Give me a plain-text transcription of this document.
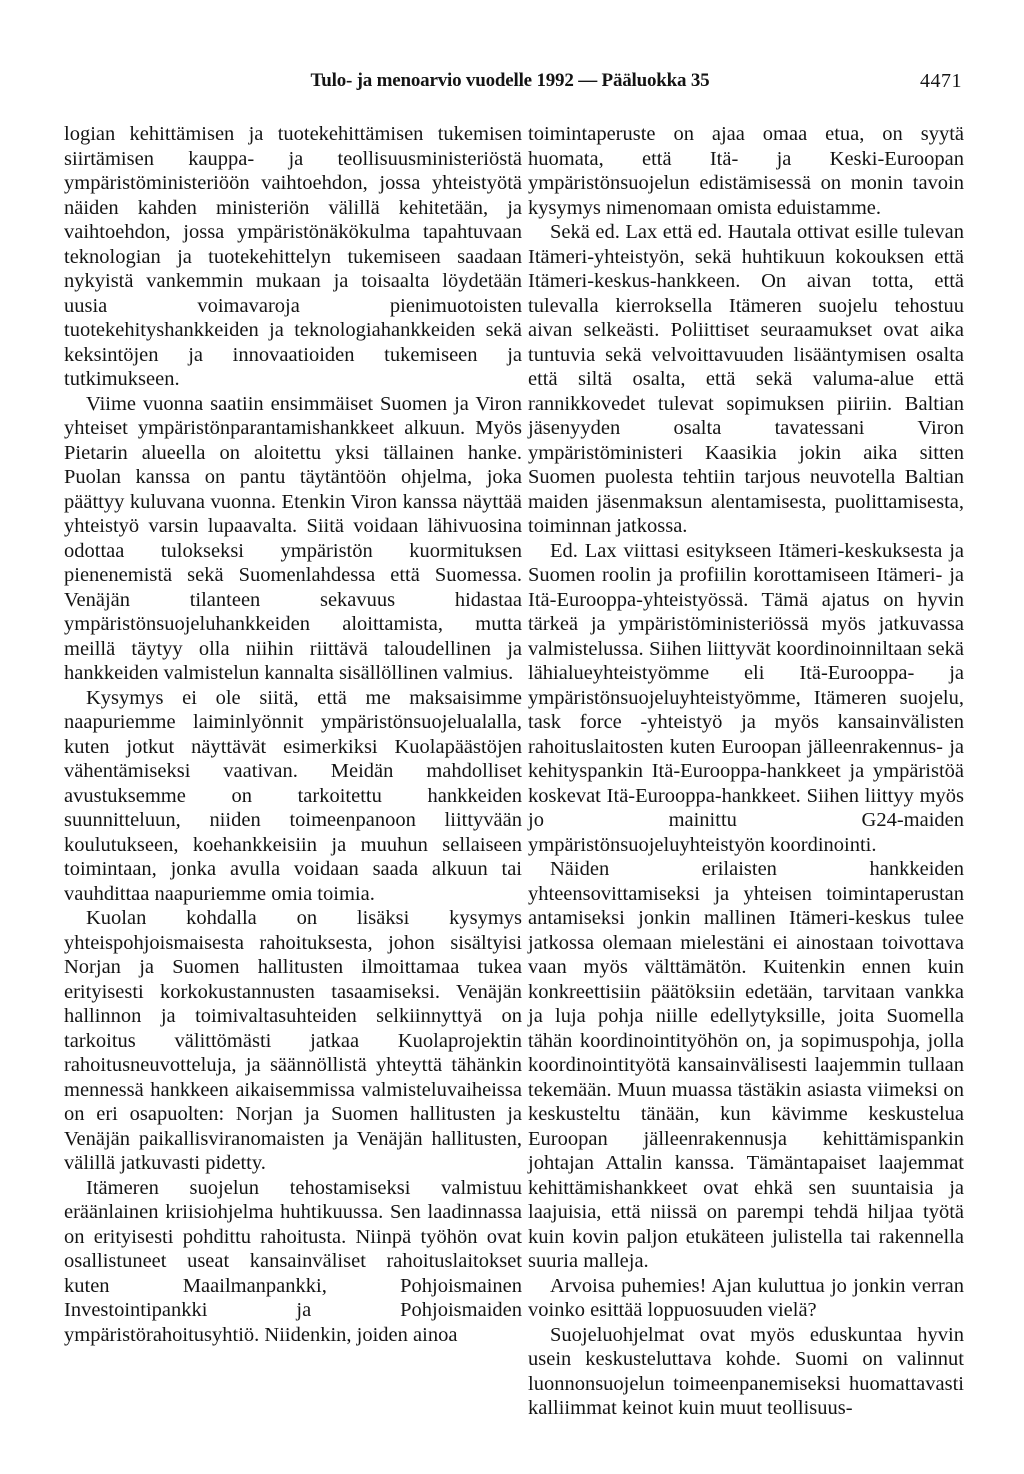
Tulo- ja menoarvio vuodelle 1992 — Pääluokka 35	4471

logian kehittämisen ja tuotekehittämisen tukemisen siirtämisen kauppa- ja teollisuusministeriöstä ympäristöministeriöön vaihtoehdon, jossa yhteistyötä näiden kahden ministeriön välillä kehitetään, ja vaihtoehdon, jossa ympäristönäkökulma tapahtuvaan teknologian ja tuotekehittelyn tukemiseen saadaan nykyistä vankemmin mukaan ja toisaalta löydetään uusia voimavaroja pienimuotoisten tuotekehityshankkeiden ja teknologiahankkeiden sekä keksintöjen ja innovaatioiden tukemiseen ja tutkimukseen.

Viime vuonna saatiin ensimmäiset Suomen ja Viron yhteiset ympäristönparantamishankkeet alkuun. Myös Pietarin alueella on aloitettu yksi tällainen hanke. Puolan kanssa on pantu täytäntöön ohjelma, joka päättyy kuluvana vuonna. Etenkin Viron kanssa näyttää yhteistyö varsin lupaavalta. Siitä voidaan lähivuosina odottaa tulokseksi ympäristön kuormituksen pienenemistä sekä Suomenlahdessa että Suomessa. Venäjän tilanteen sekavuus hidastaa ympäristönsuojeluhankkeiden aloittamista, mutta meillä täytyy olla niihin riittävä taloudellinen ja hankkeiden valmistelun kannalta sisällöllinen valmius.

Kysymys ei ole siitä, että me maksaisimme naapuriemme laiminlyönnit ympäristönsuojelualalla, kuten jotkut näyttävät esimerkiksi Kuolapäästöjen vähentämiseksi vaativan. Meidän mahdolliset avustuksemme on tarkoitettu hankkeiden suunnitteluun, niiden toimeenpanoon liittyvään koulutukseen, koehankkeisiin ja muuhun sellaiseen toimintaan, jonka avulla voidaan saada alkuun tai vauhdittaa naapuriemme omia toimia.

Kuolan kohdalla on lisäksi kysymys yhteispohjoismaisesta rahoituksesta, johon sisältyisi Norjan ja Suomen hallitusten ilmoittamaa tukea erityisesti korkokustannusten tasaamiseksi. Venäjän hallinnon ja toimivaltasuhteiden selkiinnyttyä on tarkoitus välittömästi jatkaa Kuolaprojektin rahoitusneuvotteluja, ja säännöllistä yhteyttä tähänkin mennessä hankkeen aikaisemmissa valmisteluvaiheissa on eri osapuolten: Norjan ja Suomen hallitusten ja Venäjän paikallisviranomaisten ja Venäjän hallitusten, välillä jatkuvasti pidetty.

Itämeren suojelun tehostamiseksi valmistuu eräänlainen kriisiohjelma huhtikuussa. Sen laadinnassa on erityisesti pohdittu rahoitusta. Niinpä työhön ovat osallistuneet useat kansainväliset rahoituslaitokset kuten Maailmanpankki, Pohjoismainen Investointipankki ja Pohjoismaiden ympäristörahoitusyhtiö. Niidenkin, joiden ainoa

toimintaperuste on ajaa omaa etua, on syytä huomata, että Itä- ja Keski-Euroopan ympäristönsuojelun edistämisessä on monin tavoin kysymys nimenomaan omista eduistamme.

Sekä ed. Lax että ed. Hautala ottivat esille tulevan Itämeri-yhteistyön, sekä huhtikuun kokouksen että Itämeri-keskus-hankkeen. On aivan totta, että tulevalla kierroksella Itämeren suojelu tehostuu aivan selkeästi. Poliittiset seuraamukset ovat aika tuntuvia sekä velvoittavuuden lisääntymisen osalta että siltä osalta, että sekä valuma-alue että rannikkovedet tulevat sopimuksen piiriin. Baltian jäsenyyden osalta tavatessani Viron ympäristöministeri Kaasikia jokin aika sitten Suomen puolesta tehtiin tarjous neuvotella Baltian maiden jäsenmaksun alentamisesta, puolittamisesta, toiminnan jatkossa.

Ed. Lax viittasi esitykseen Itämeri-keskuksesta ja Suomen roolin ja profiilin korottamiseen Itämeri- ja Itä-Eurooppa-yhteistyössä. Tämä ajatus on hyvin tärkeä ja ympäristöministeriössä myös jatkuvassa valmistelussa. Siihen liittyvät koordinoinniltaan sekä lähialueyhteistyömme eli Itä-Eurooppa- ja ympäristönsuojeluyhteistyömme, Itämeren suojelu, task force -yhteistyö ja myös kansainvälisten rahoituslaitosten kuten Euroopan jälleenrakennus- ja kehityspankin Itä-Eurooppa-hankkeet ja ympäristöä koskevat Itä-Eurooppa-hankkeet. Siihen liittyy myös jo mainittu G24-maiden ympäristönsuojeluyhteistyön koordinointi.

Näiden erilaisten hankkeiden yhteensovittamiseksi ja yhteisen toimintaperustan antamiseksi jonkin mallinen Itämeri-keskus tulee jatkossa olemaan mielestäni ei ainostaan toivottava vaan myös välttämätön. Kuitenkin ennen kuin konkreettisiin päätöksiin edetään, tarvitaan vankka ja luja pohja niille edellytyksille, joita Suomella tähän koordinointityöhön on, ja sopimuspohja, jolla koordinointityötä kansainvälisesti laajemmin tullaan tekemään. Muun muassa tästäkin asiasta viimeksi on keskusteltu tänään, kun kävimme keskustelua Euroopan jälleenrakennusja kehittämispankin johtajan Attalin kanssa. Tämäntapaiset laajemmat kehittämishankkeet ovat ehkä sen suuntaisia ja laajuisia, että niissä on parempi tehdä hiljaa työtä kuin kovin paljon etukäteen julistella tai rakennella suuria malleja.

Arvoisa puhemies! Ajan kuluttua jo jonkin verran voinko esittää loppuosuuden vielä?

Suojeluohjelmat ovat myös eduskuntaa hyvin usein keskusteluttava kohde. Suomi on valinnut luonnonsuojelun toimeenpanemiseksi huomattavasti kalliimmat keinot kuin muut teollisuus-
